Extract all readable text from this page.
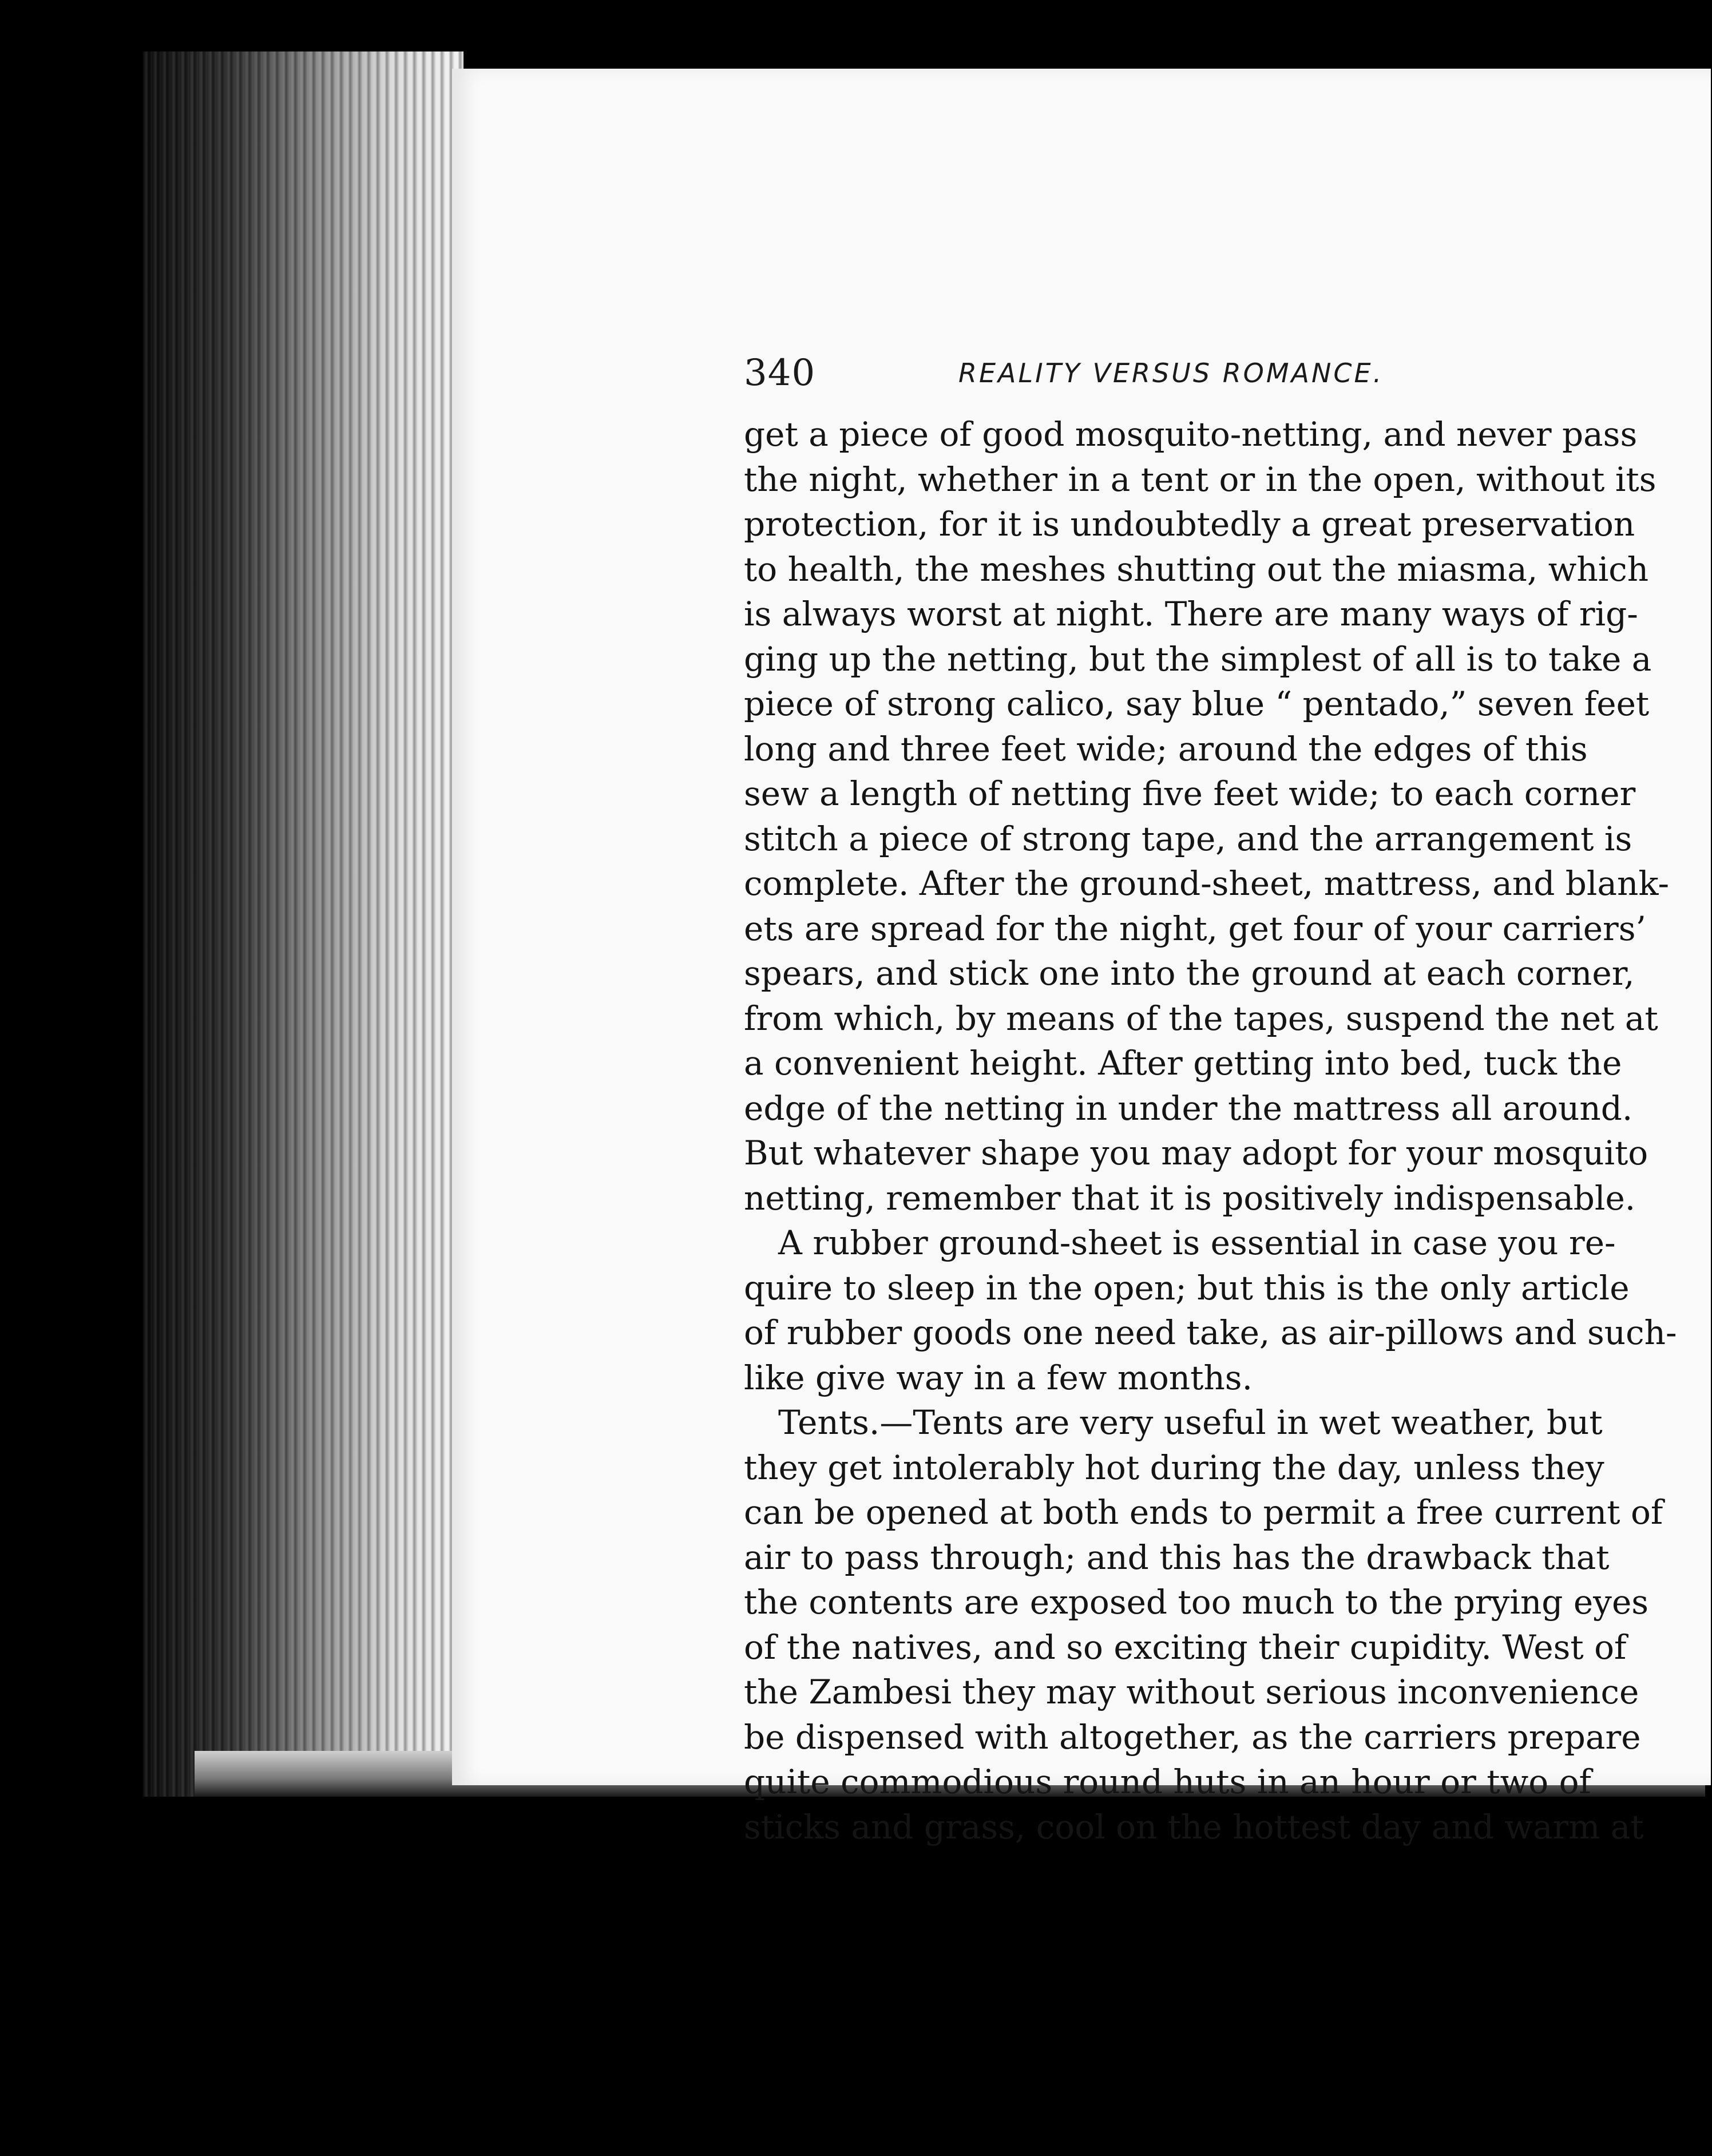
340	REALITY VERSUS ROMANCE.
get a piece of good mosquito-netting, and never pass
the night, whether in a tent or in the open, without its
protection, for it is undoubtedly a great preservation
to health, the meshes shutting out the miasma, which
is always worst at night. There are many ways of rig-
ging up the netting, but the simplest of all is to take a
piece of strong calico, say blue “ pentado,” seven feet
long and three feet wide; around the edges of this
sew a length of netting five feet wide; to each corner
stitch a piece of strong tape, and the arrangement is
complete. After the ground-sheet, mattress, and blank-
ets are spread for the night, get four of your carriers’
spears, and stick one into the ground at each corner,
from which, by means of the tapes, suspend the net at
a convenient height. After getting into bed, tuck the
edge of the netting in under the mattress all around.
But whatever shape you may adopt for your mosquito
netting, remember that it is positively indispensable.
A rubber ground-sheet is essential in case you re-
quire to sleep in the open; but this is the only article
of rubber goods one need take, as air-pillows and such-
like give way in a few months.
Tents.—Tents are very useful in wet weather, but
they get intolerably hot during the day, unless they
can be opened at both ends to permit a free current of
air to pass through; and this has the drawback that
the contents are exposed too much to the prying eyes
of the natives, and so exciting their cupidity. West of
the Zambesi they may without serious inconvenience
be dispensed with altogether, as the carriers prepare
quite commodious round huts in an hour or two of
sticks and grass, cool on the hottest day and warm at
